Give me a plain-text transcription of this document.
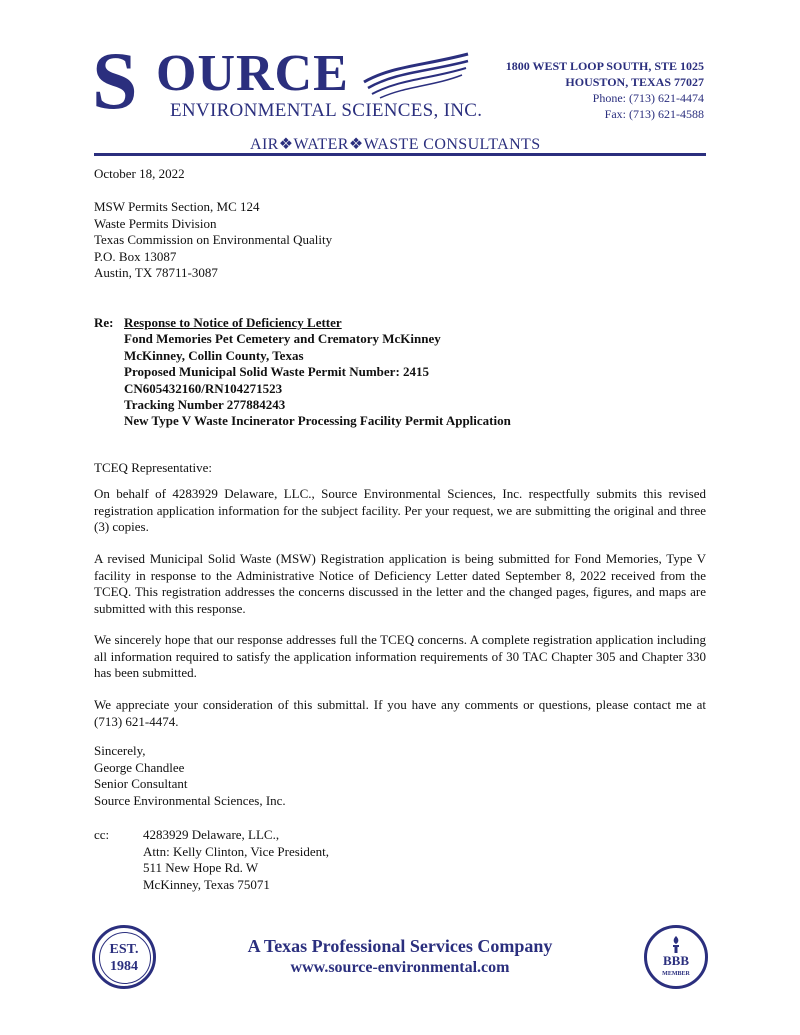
S OURCE
ENVIRONMENTAL SCIENCES, INC.
1800 WEST LOOP SOUTH, STE 1025
HOUSTON, TEXAS 77027
Phone: (713) 621-4474
Fax: (713) 621-4588
AIR❖WATER❖WASTE CONSULTANTS
October 18, 2022
MSW Permits Section, MC 124
Waste Permits Division
Texas Commission on Environmental Quality
P.O. Box 13087
Austin, TX 78711-3087
Re: Response to Notice of Deficiency Letter
Fond Memories Pet Cemetery and Crematory McKinney
McKinney, Collin County, Texas
Proposed Municipal Solid Waste Permit Number: 2415
CN605432160/RN104271523
Tracking Number 277884243
New Type V Waste Incinerator Processing Facility Permit Application
TCEQ Representative:
On behalf of 4283929 Delaware, LLC., Source Environmental Sciences, Inc. respectfully submits this revised registration application information for the subject facility. Per your request, we are submitting the original and three (3) copies.
A revised Municipal Solid Waste (MSW) Registration application is being submitted for Fond Memories, Type V facility in response to the Administrative Notice of Deficiency Letter dated September 8, 2022 received from the TCEQ. This registration addresses the concerns discussed in the letter and the changed pages, figures, and maps are submitted with this response.
We sincerely hope that our response addresses full the TCEQ concerns. A complete registration application including all information required to satisfy the application information requirements of 30 TAC Chapter 305 and Chapter 330 has been submitted.
We appreciate your consideration of this submittal. If you have any comments or questions, please contact me at (713) 621-4474.
Sincerely,
George Chandlee
Senior Consultant
Source Environmental Sciences, Inc.
cc:	4283929 Delaware, LLC.,
Attn: Kelly Clinton, Vice President,
511 New Hope Rd. W
McKinney, Texas 75071
EST.
1984
A Texas Professional Services Company
www.source-environmental.com	BBB
MEMBER
